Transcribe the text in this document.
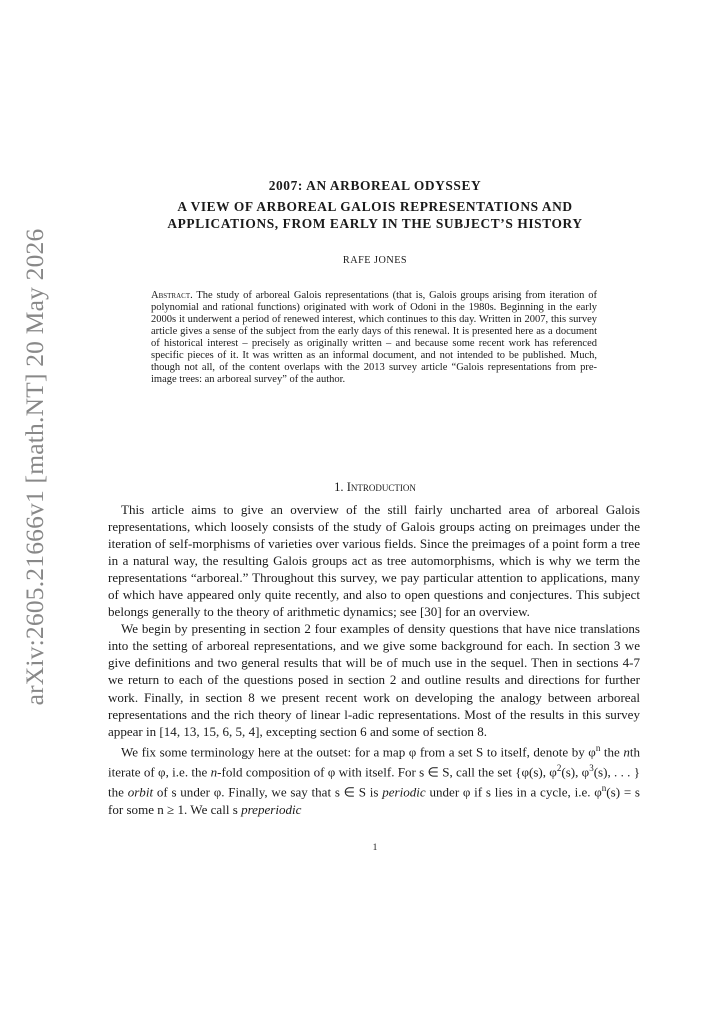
arXiv:2605.21666v1 [math.NT] 20 May 2026
2007: AN ARBOREAL ODYSSEY
A VIEW OF ARBOREAL GALOIS REPRESENTATIONS AND
APPLICATIONS, FROM EARLY IN THE SUBJECT’S HISTORY
RAFE JONES

Abstract. The study of arboreal Galois representations (that is, Galois groups arising from iteration of polynomial and rational functions) originated with work of Odoni in the 1980s. Beginning in the early 2000s it underwent a period of renewed interest, which continues to this day. Written in 2007, this survey article gives a sense of the subject from the early days of this renewal. It is presented here as a document of historical interest – precisely as originally written – and because some recent work has referenced specific pieces of it. It was written as an informal document, and not intended to be published. Much, though not all, of the content overlaps with the 2013 survey article “Galois representations from pre-image trees: an arboreal survey” of the author.

1. Introduction

This article aims to give an overview of the still fairly uncharted area of arboreal Galois representations, which loosely consists of the study of Galois groups acting on preimages under the iteration of self-morphisms of varieties over various fields. Since the preimages of a point form a tree in a natural way, the resulting Galois groups act as tree automorphisms, which is why we term the representations “arboreal.” Throughout this survey, we pay particular attention to applications, many of which have appeared only quite recently, and also to open questions and conjectures. This subject belongs generally to the theory of arithmetic dynamics; see [30] for an overview.

We begin by presenting in section 2 four examples of density questions that have nice translations into the setting of arboreal representations, and we give some background for each. In section 3 we give definitions and two general results that will be of much use in the sequel. Then in sections 4-7 we return to each of the questions posed in section 2 and outline results and directions for further work. Finally, in section 8 we present recent work on developing the analogy between arboreal representations and the rich theory of linear l-adic representations. Most of the results in this survey appear in [14, 13, 15, 6, 5, 4], excepting section 6 and some of section 8.

We fix some terminology here at the outset: for a map φ from a set S to itself, denote by $\varphi^n$ the nth iterate of φ, i.e. the n-fold composition of φ with itself. For s ∈ S, call the set {φ(s), $\varphi^2(s)$, $\varphi^3(s)$, . . . } the orbit of s under φ. Finally, we say that s ∈ S is periodic under φ if s lies in a cycle, i.e. $\varphi^n(s) = s$ for some n ≥ 1. We call s preperiodic

1
